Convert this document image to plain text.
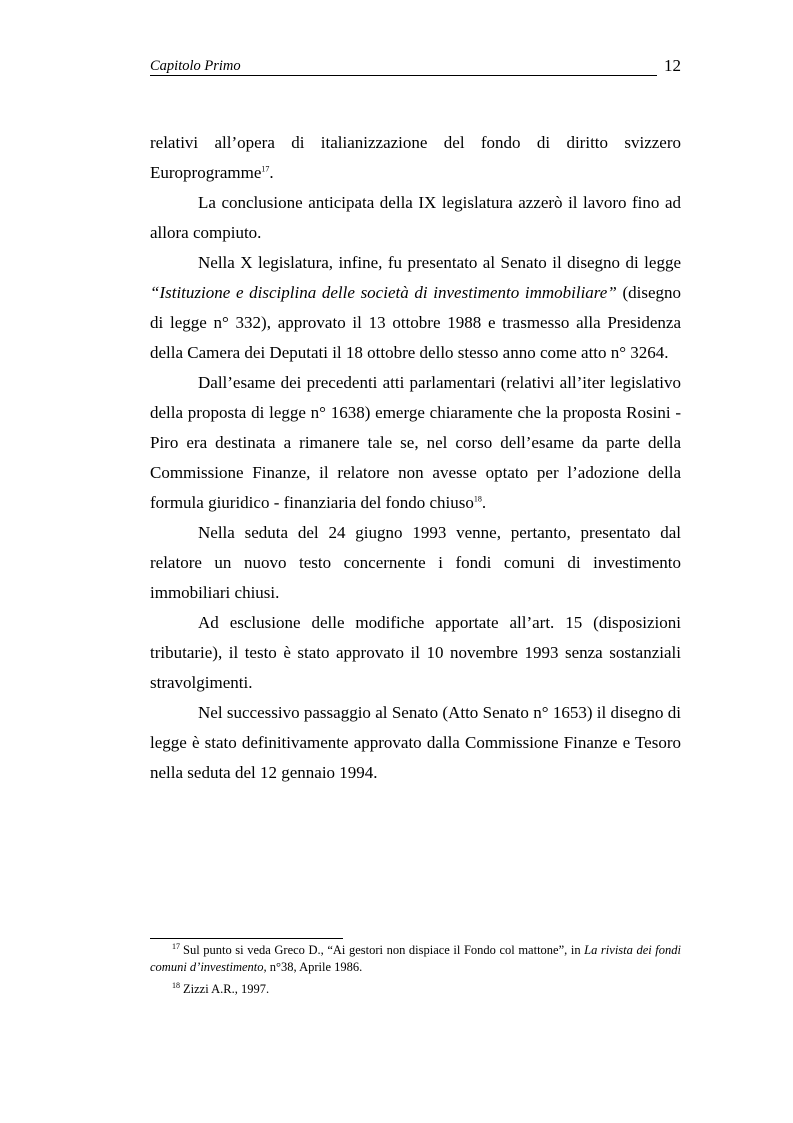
Capitolo Primo	12

relativi all’opera di italianizzazione del fondo di diritto svizzero Europrogramme$^{17}$.

La conclusione anticipata della IX legislatura azzerò il lavoro fino ad allora compiuto.

Nella X legislatura, infine, fu presentato al Senato il disegno di legge “Istituzione e disciplina delle società di investimento immobiliare” (disegno di legge n° 332), approvato il 13 ottobre 1988 e trasmesso alla Presidenza della Camera dei Deputati il 18 ottobre dello stesso anno come atto n° 3264.

Dall’esame dei precedenti atti parlamentari (relativi all’iter legislativo della proposta di legge n° 1638) emerge chiaramente che la proposta Rosini - Piro era destinata a rimanere tale se, nel corso dell’esame da parte della Commissione Finanze, il relatore non avesse optato per l’adozione della formula giuridico - finanziaria del fondo chiuso$^{18}$.

Nella seduta del 24 giugno 1993 venne, pertanto, presentato dal relatore un nuovo testo concernente i fondi comuni di investimento immobiliari chiusi.

Ad esclusione delle modifiche apportate all’art. 15 (disposizioni tributarie), il testo è stato approvato il 10 novembre 1993 senza sostanziali stravolgimenti.

Nel successivo passaggio al Senato (Atto Senato n° 1653) il disegno di legge è stato definitivamente approvato dalla Commissione Finanze e Tesoro nella seduta del 12 gennaio 1994.

$^{17}$ Sul punto si veda Greco D., “Ai gestori non dispiace il Fondo col mattone”, in La rivista dei fondi comuni d’investimento, n°38, Aprile 1986.

$^{18}$ Zizzi A.R., 1997.
